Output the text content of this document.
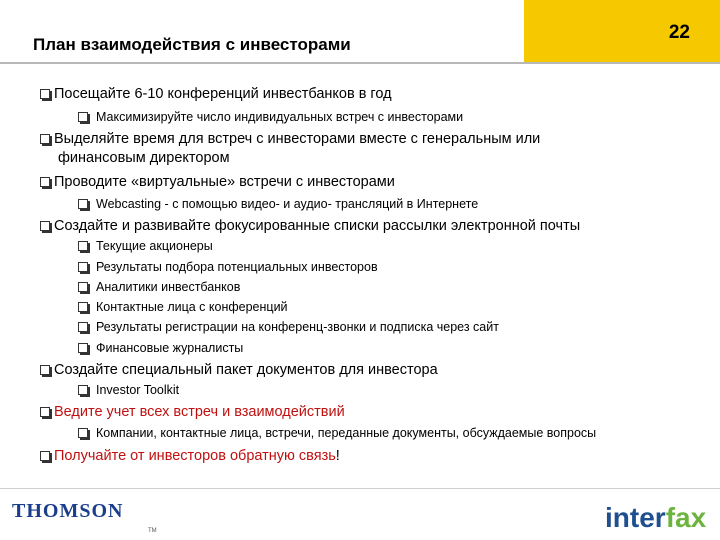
План взаимодействия с инвесторами
22
Посещайте 6-10 конференций инвестбанков в год
Максимизируйте число индивидуальных встреч с инвесторами
Выделяйте время для встреч с инвесторами вместе с генеральным или
финансовым директором
Проводите «виртуальные» встречи с инвесторами
Webcasting - с помощью видео- и аудио- трансляций в Интернете
Создайте и развивайте фокусированные списки рассылки электронной почты
Текущие акционеры
Результаты подбора потенциальных инвесторов
Аналитики инвестбанков
Контактные лица с конференций
Результаты регистрации на конференц-звонки и подписка через сайт
Финансовые журналисты
Создайте специальный пакет документов для инвестора
Investor Toolkit
Ведите учет всех встреч и взаимодействий
Компании, контактные лица, встречи, переданные документы, обсуждаемые вопросы
Получайте от инвесторов обратную связь!
THOMSON
TM	interfax
